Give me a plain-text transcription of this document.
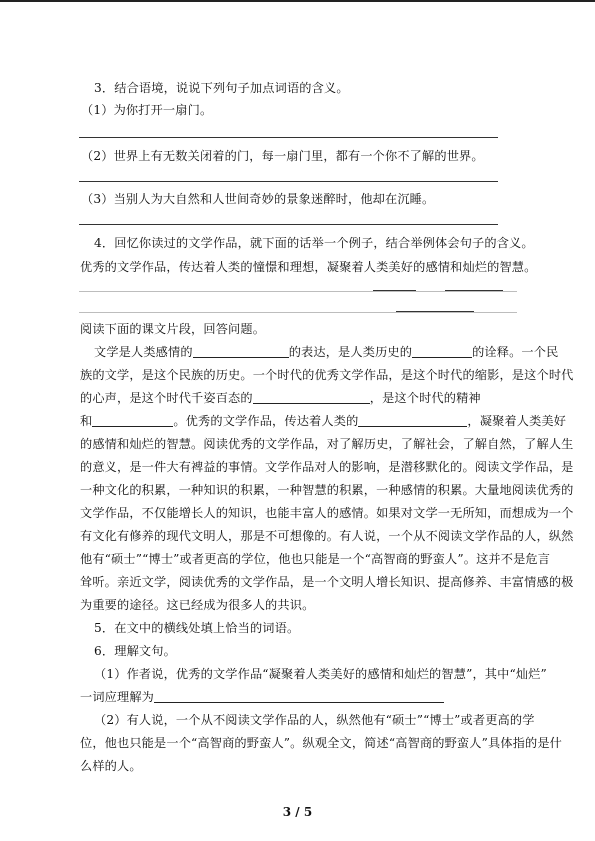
3．结合语境，说说下列句子加点词语的含义。
（1）为你打开一扇门。
（2）世界上有无数关闭着的门，每一扇门里，都有一个你不了解的世界。
（3）当别人为大自然和人世间奇妙的景象迷醉时，他却在沉睡。
4．回忆你读过的文学作品，就下面的话举一个例子，结合举例体会句子的含义。
优秀的文学作品，传达着人类的憧憬和理想，凝聚着人类美好的感情和灿烂的智慧。
阅读下面的课文片段，回答问题。
文学是人类感情的	的表达，是人类历史的	的诠释。一个民
族的文学，是这个民族的历史。一个时代的优秀文学作品，是这个时代的缩影，是这个时代
的心声，是这个时代千姿百态的	，是这个时代的精神
和	。优秀的文学作品，传达着人类的	，凝聚着人类美好
的感情和灿烂的智慧。阅读优秀的文学作品，对了解历史，了解社会，了解自然，了解人生
的意义，是一件大有裨益的事情。文学作品对人的影响，是潜移默化的。阅读文学作品，是
一种文化的积累，一种知识的积累，一种智慧的积累，一种感情的积累。大量地阅读优秀的
文学作品，不仅能增长人的知识，也能丰富人的感情。如果对文学一无所知，而想成为一个
有文化有修养的现代文明人，那是不可想像的。有人说，一个从不阅读文学作品的人，纵然
他有“硕士”“博士”或者更高的学位，他也只能是一个“高智商的野蛮人”。这并不是危言
耸听。亲近文学，阅读优秀的文学作品，是一个文明人增长知识、提高修养、丰富情感的极
为重要的途径。这已经成为很多人的共识。
5．在文中的横线处填上恰当的词语。
6．理解文句。
（1）作者说，优秀的文学作品“凝聚着人类美好的感情和灿烂的智慧”，其中“灿烂”
一词应理解为
（2）有人说，一个从不阅读文学作品的人，纵然他有“硕士”“博士”或者更高的学
位，他也只能是一个“高智商的野蛮人”。纵观全文，简述“高智商的野蛮人”具体指的是什
么样的人。
3 / 5
